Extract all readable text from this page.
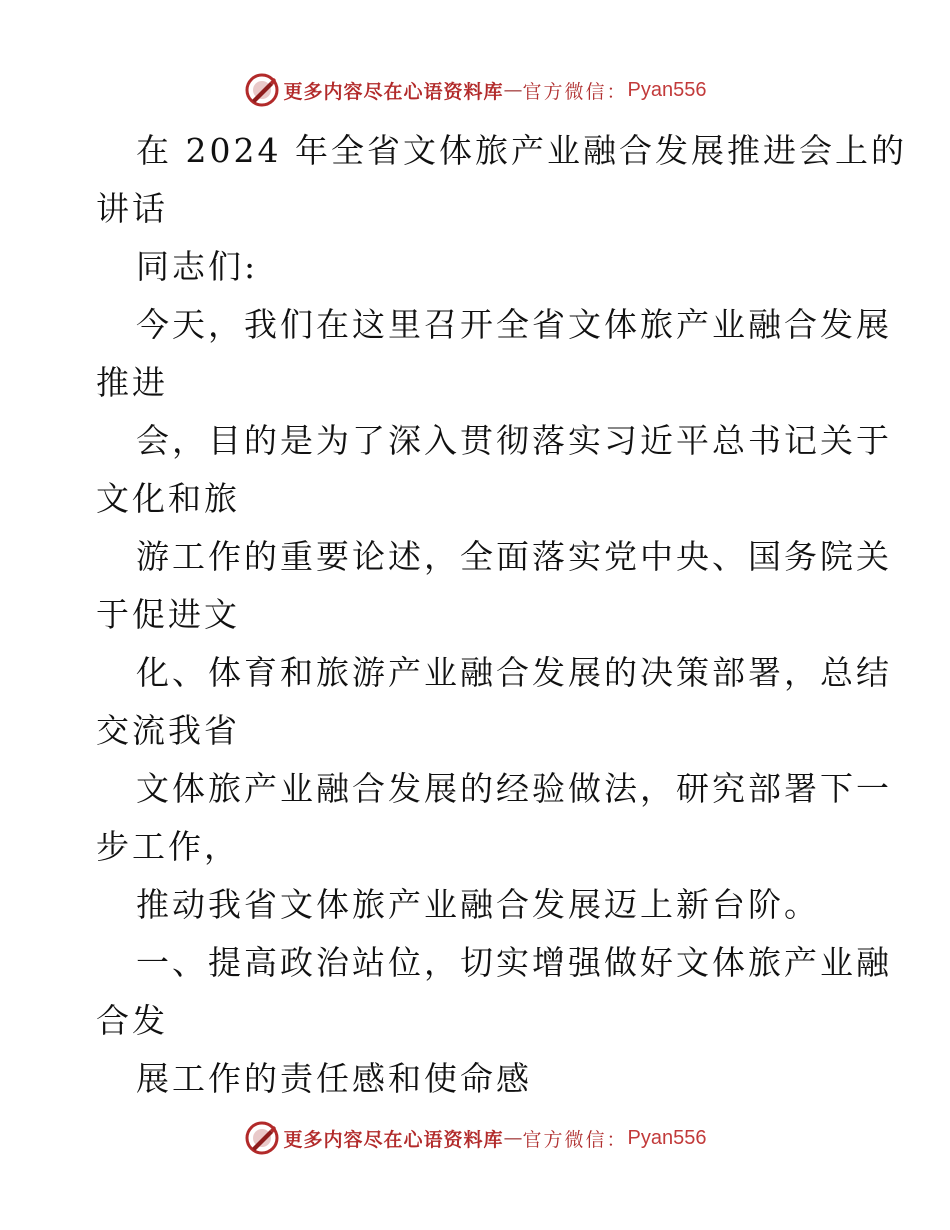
更多内容尽在心语资料库 — 官方微信： Pyan556
在 2024 年全省文体旅产业融合发展推进会上的
讲话
同志们:
今天，我们在这里召开全省文体旅产业融合发展
推进
会，目的是为了深入贯彻落实习近平总书记关于
文化和旅
游工作的重要论述，全面落实党中央、国务院关
于促进文
化、体育和旅游产业融合发展的决策部署，总结
交流我省
文体旅产业融合发展的经验做法，研究部署下一
步工作，
推动我省文体旅产业融合发展迈上新台阶。
一、提高政治站位，切实增强做好文体旅产业融
合发
展工作的责任感和使命感
更多内容尽在心语资料库 — 官方微信： Pyan556
